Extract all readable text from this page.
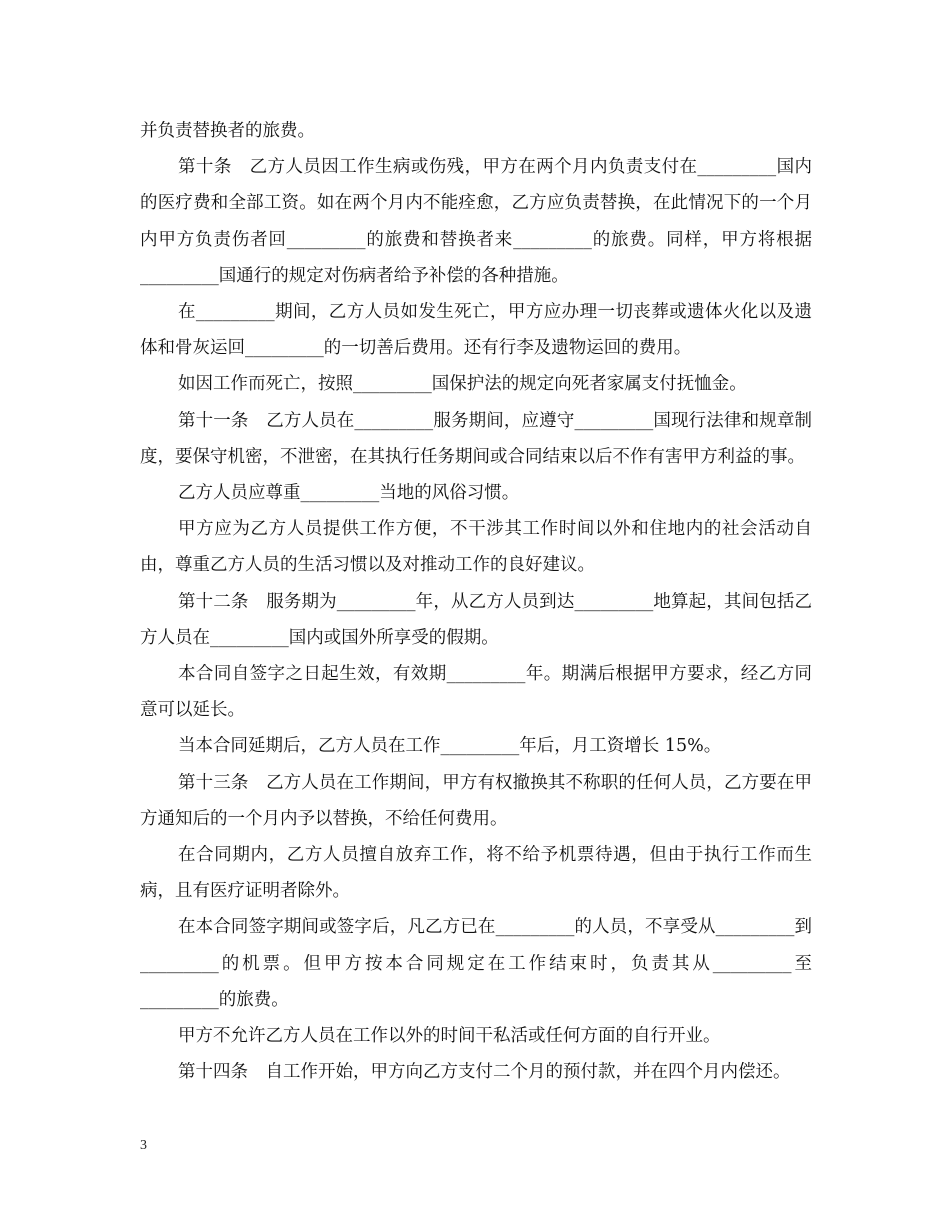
并负责替换者的旅费。

第十条　乙方人员因工作生病或伤残，甲方在两个月内负责支付在_________国内的医疗费和全部工资。如在两个月内不能痊愈，乙方应负责替换，在此情况下的一个月内甲方负责伤者回_________的旅费和替换者来_________的旅费。同样，甲方将根据_________国通行的规定对伤病者给予补偿的各种措施。

在_________期间，乙方人员如发生死亡，甲方应办理一切丧葬或遗体火化以及遗体和骨灰运回_________的一切善后费用。还有行李及遗物运回的费用。

如因工作而死亡，按照_________国保护法的规定向死者家属支付抚恤金。

第十一条　乙方人员在_________服务期间，应遵守_________国现行法律和规章制度，要保守机密，不泄密，在其执行任务期间或合同结束以后不作有害甲方利益的事。

乙方人员应尊重_________当地的风俗习惯。

甲方应为乙方人员提供工作方便，不干涉其工作时间以外和住地内的社会活动自由，尊重乙方人员的生活习惯以及对推动工作的良好建议。

第十二条　服务期为_________年，从乙方人员到达_________地算起，其间包括乙方人员在_________国内或国外所享受的假期。

本合同自签字之日起生效，有效期_________年。期满后根据甲方要求，经乙方同意可以延长。

当本合同延期后，乙方人员在工作_________年后，月工资增长 15%。

第十三条　乙方人员在工作期间，甲方有权撤换其不称职的任何人员，乙方要在甲方通知后的一个月内予以替换，不给任何费用。

在合同期内，乙方人员擅自放弃工作，将不给予机票待遇，但由于执行工作而生病，且有医疗证明者除外。

在本合同签字期间或签字后，凡乙方已在_________的人员，不享受从_________到_________的机票。但甲方按本合同规定在工作结束时，负责其从_________至_________的旅费。

甲方不允许乙方人员在工作以外的时间干私活或任何方面的自行开业。

第十四条　自工作开始，甲方向乙方支付二个月的预付款，并在四个月内偿还。

3
